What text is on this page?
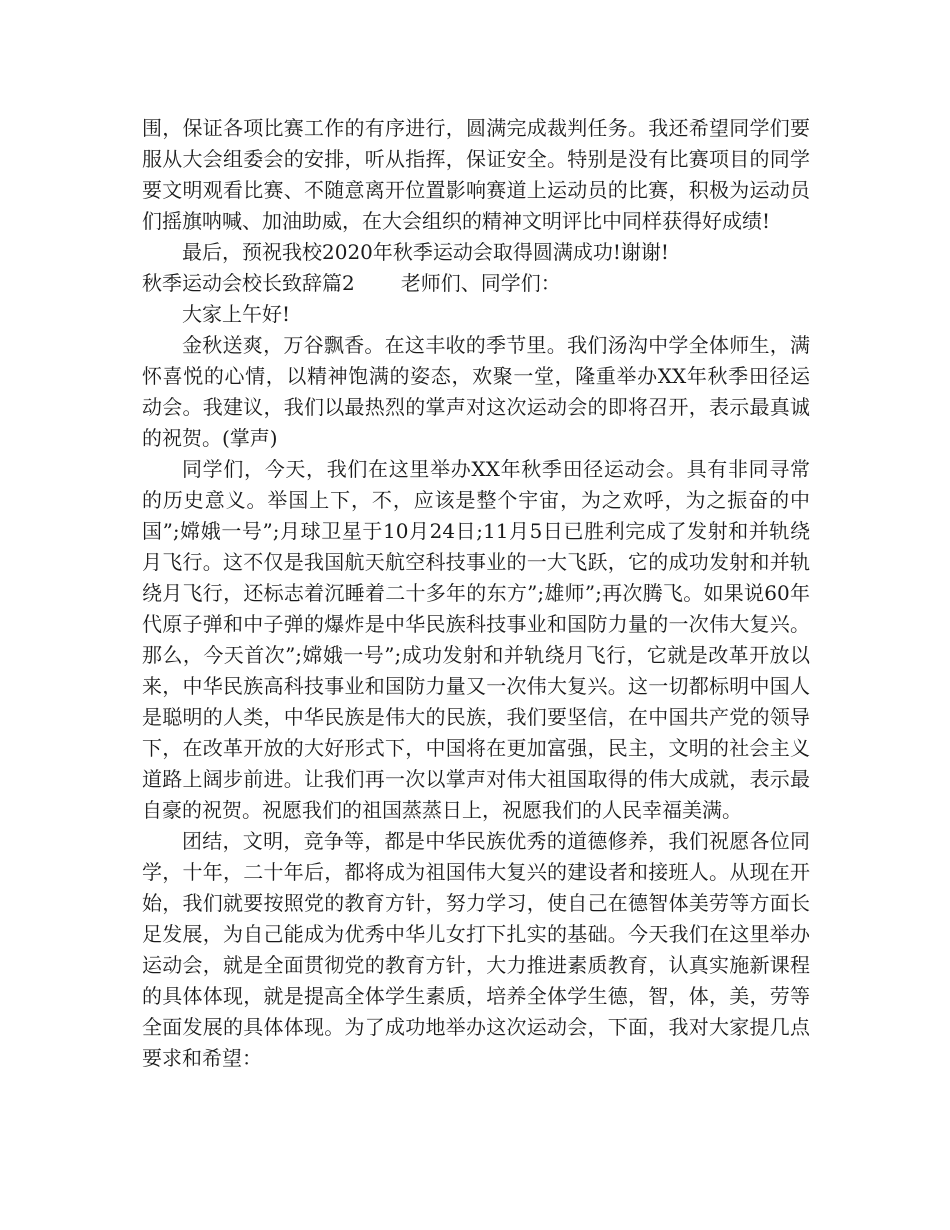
围，保证各项比赛工作的有序进行，圆满完成裁判任务。我还希望同学们要服从大会组委会的安排，听从指挥，保证安全。特别是没有比赛项目的同学要文明观看比赛、不随意离开位置影响赛道上运动员的比赛，积极为运动员们摇旗呐喊、加油助威，在大会组织的精神文明评比中同样获得好成绩!

最后，预祝我校2020年秋季运动会取得圆满成功!谢谢!

秋季运动会校长致辞篇2 老师们、同学们：

大家上午好!

金秋送爽，万谷飘香。在这丰收的季节里。我们汤沟中学全体师生，满怀喜悦的心情，以精神饱满的姿态，欢聚一堂，隆重举办XX年秋季田径运动会。我建议，我们以最热烈的掌声对这次运动会的即将召开，表示最真诚的祝贺。(掌声)

同学们，今天，我们在这里举办XX年秋季田径运动会。具有非同寻常的历史意义。举国上下，不，应该是整个宇宙，为之欢呼，为之振奋的中国”;嫦娥一号”;月球卫星于10月24日;11月5日已胜利完成了发射和并轨绕月飞行。这不仅是我国航天航空科技事业的一大飞跃，它的成功发射和并轨绕月飞行，还标志着沉睡着二十多年的东方”;雄师”;再次腾飞。如果说60年代原子弹和中子弹的爆炸是中华民族科技事业和国防力量的一次伟大复兴。那么，今天首次”;嫦娥一号”;成功发射和并轨绕月飞行，它就是改革开放以来，中华民族高科技事业和国防力量又一次伟大复兴。这一切都标明中国人是聪明的人类，中华民族是伟大的民族，我们要坚信，在中国共产党的领导下，在改革开放的大好形式下，中国将在更加富强，民主，文明的社会主义道路上阔步前进。让我们再一次以掌声对伟大祖国取得的伟大成就，表示最自豪的祝贺。祝愿我们的祖国蒸蒸日上，祝愿我们的人民幸福美满。

团结，文明，竞争等，都是中华民族优秀的道德修养，我们祝愿各位同学，十年，二十年后，都将成为祖国伟大复兴的建设者和接班人。从现在开始，我们就要按照党的教育方针，努力学习，使自己在德智体美劳等方面长足发展，为自己能成为优秀中华儿女打下扎实的基础。今天我们在这里举办运动会，就是全面贯彻党的教育方针，大力推进素质教育，认真实施新课程的具体体现，就是提高全体学生素质，培养全体学生德，智，体，美，劳等全面发展的具体体现。为了成功地举办这次运动会，下面，我对大家提几点要求和希望：
